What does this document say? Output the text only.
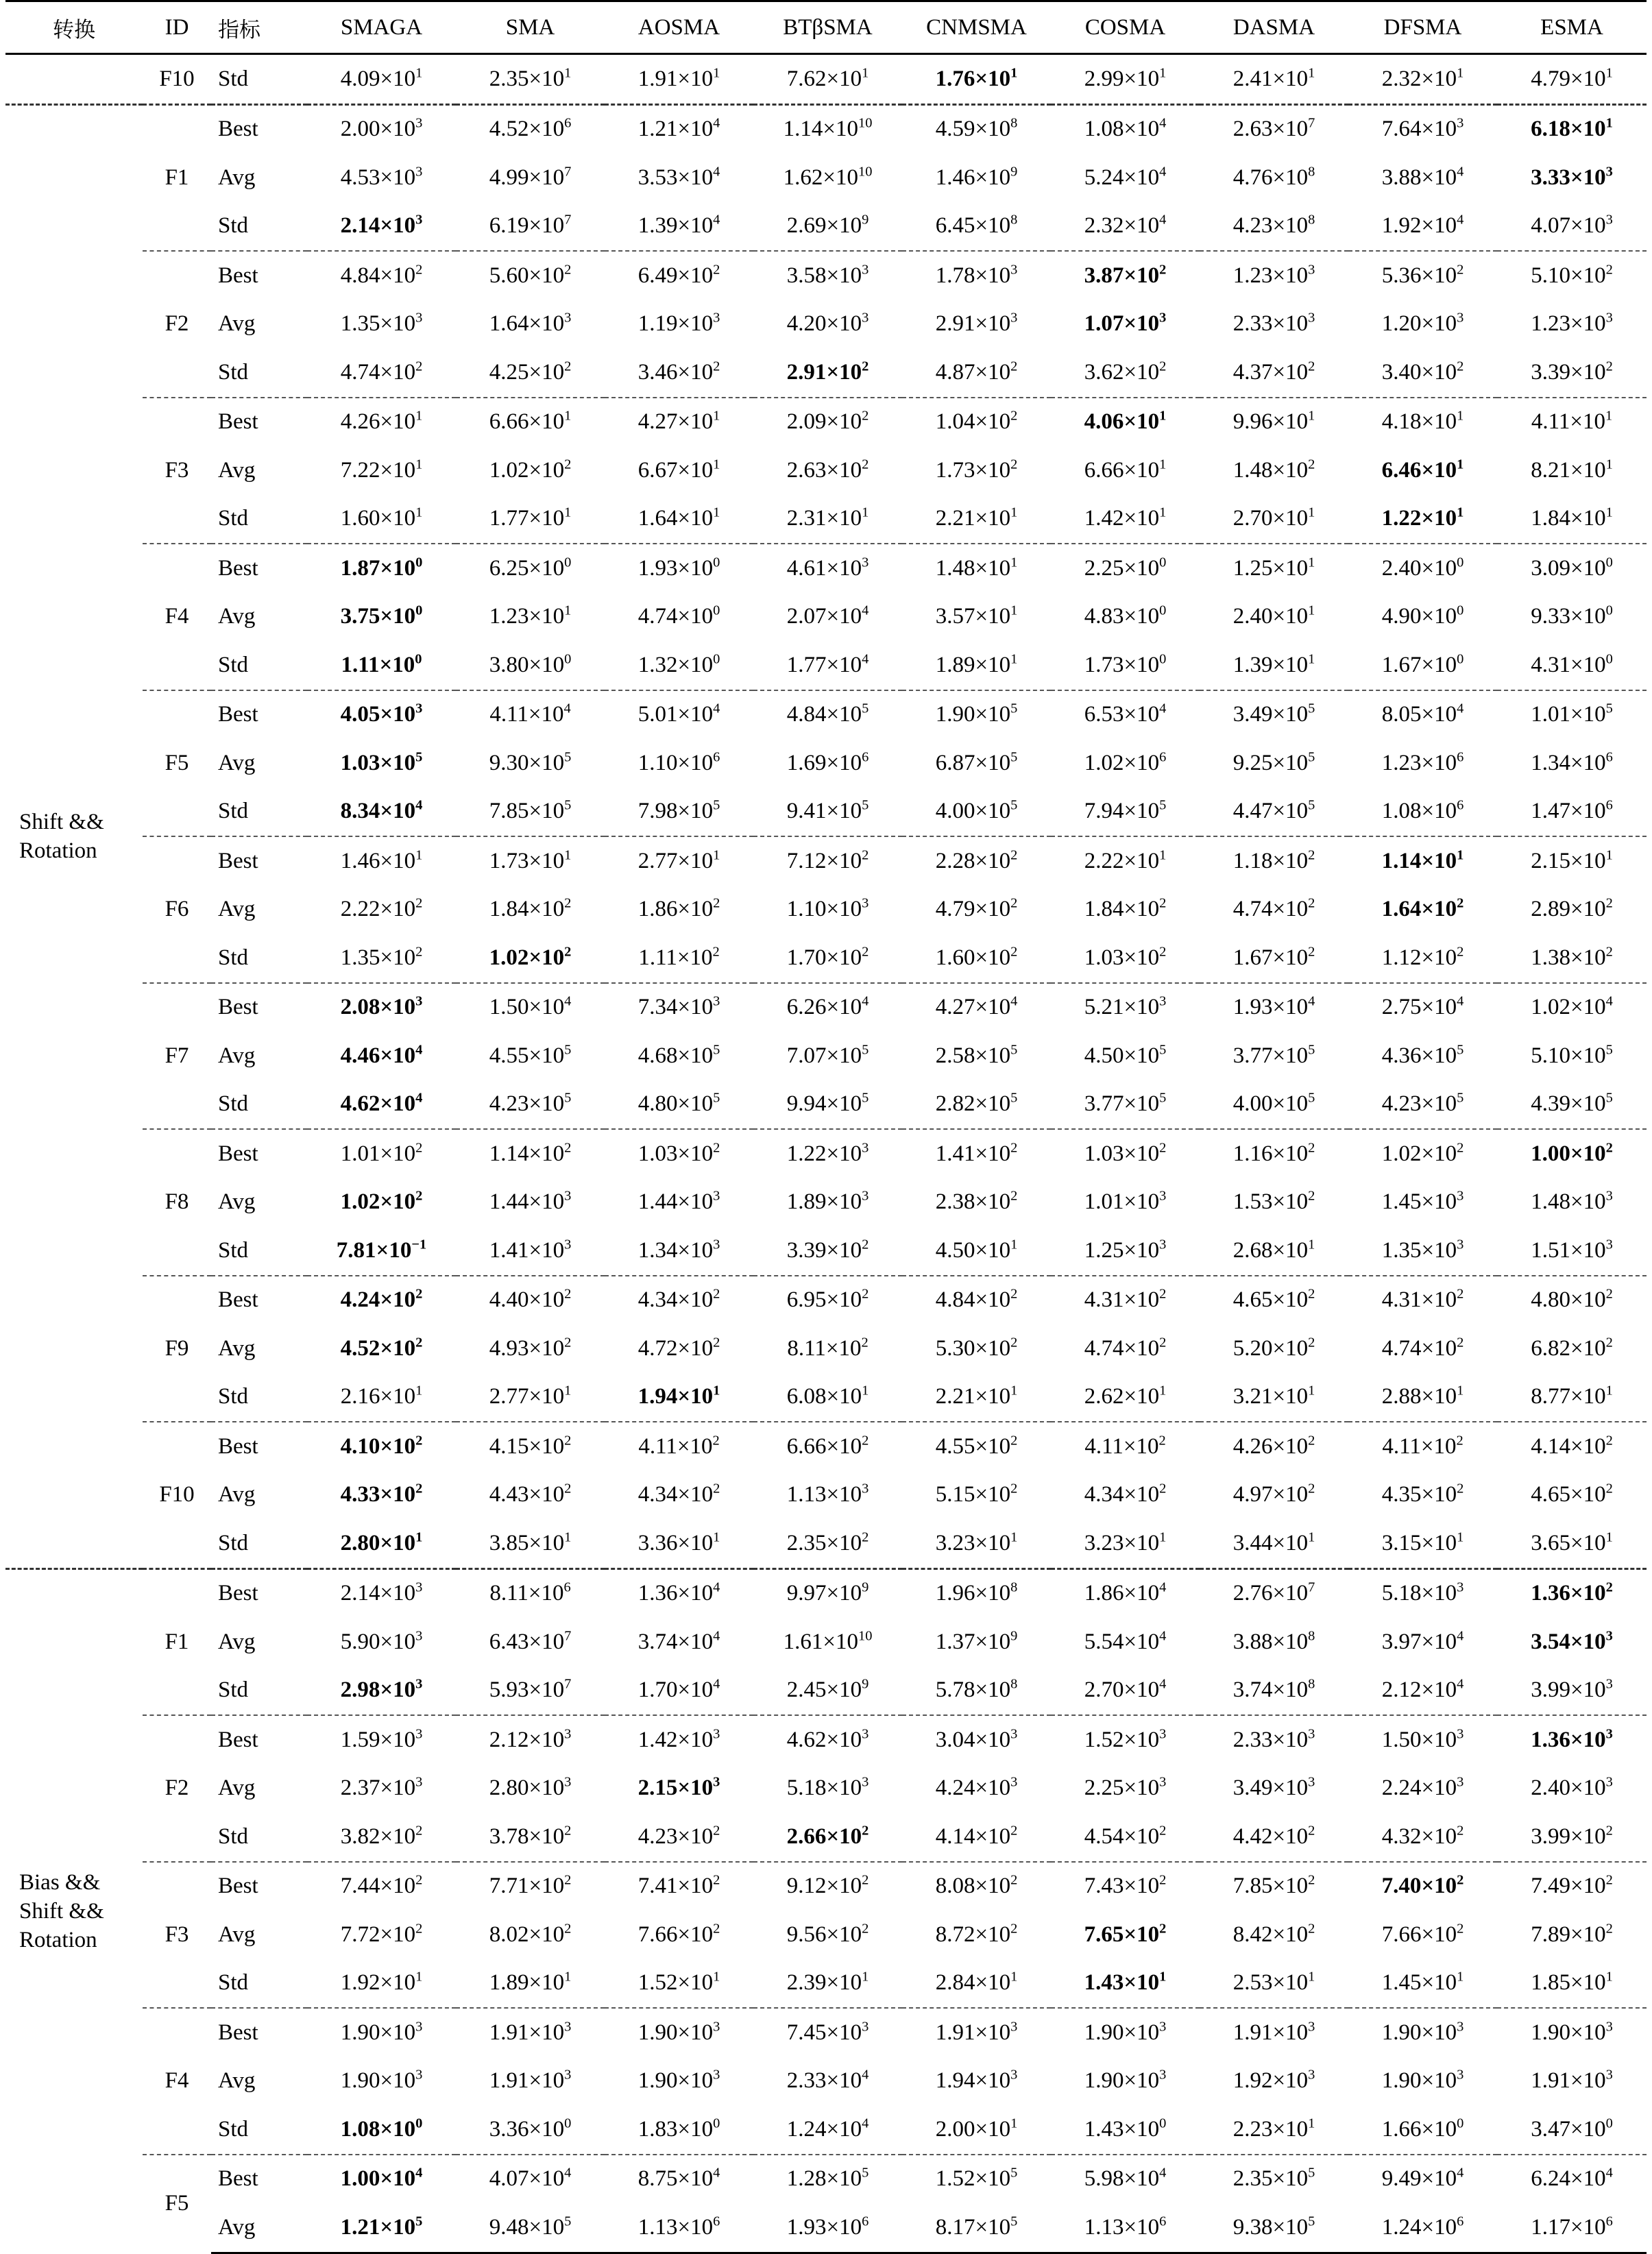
转换	ID	指标	SMAGA	SMA	AOSMA	BTβSMA	CNMSMA	COSMA	DASMA	DFSMA	ESMA
	F10	Std	$4.09\times 10^1$	$2.35\times 10^1$	$1.91\times 10^1$	$7.62\times 10^1$	$1.76\times 10^1$	$2.99\times 10^1$	$2.41\times 10^1$	$2.32\times 10^1$	$4.79\times 10^1$

Shift &&
Rotation	F1	Best	$2.00\times 10^3$	$4.52\times 10^6$	$1.21\times 10^4$	$1.14\times 10^{10}$	$4.59\times 10^8$	$1.08\times 10^4$	$2.63\times 10^7$	$7.64\times 10^3$	$6.18\times 10^1$
		Avg	$4.53\times 10^3$	$4.99\times 10^7$	$3.53\times 10^4$	$1.62\times 10^{10}$	$1.46\times 10^9$	$5.24\times 10^4$	$4.76\times 10^8$	$3.88\times 10^4$	$3.33\times 10^3$
		Std	$2.14\times 10^3$	$6.19\times 10^7$	$1.39\times 10^4$	$2.69\times 10^9$	$6.45\times 10^8$	$2.32\times 10^4$	$4.23\times 10^8$	$1.92\times 10^4$	$4.07\times 10^3$
	F2	Best	$4.84\times 10^2$	$5.60\times 10^2$	$6.49\times 10^2$	$3.58\times 10^3$	$1.78\times 10^3$	$3.87\times 10^2$	$1.23\times 10^3$	$5.36\times 10^2$	$5.10\times 10^2$
		Avg	$1.35\times 10^3$	$1.64\times 10^3$	$1.19\times 10^3$	$4.20\times 10^3$	$2.91\times 10^3$	$1.07\times 10^3$	$2.33\times 10^3$	$1.20\times 10^3$	$1.23\times 10^3$
		Std	$4.74\times 10^2$	$4.25\times 10^2$	$3.46\times 10^2$	$2.91\times 10^2$	$4.87\times 10^2$	$3.62\times 10^2$	$4.37\times 10^2$	$3.40\times 10^2$	$3.39\times 10^2$
	F3	Best	$4.26\times 10^1$	$6.66\times 10^1$	$4.27\times 10^1$	$2.09\times 10^2$	$1.04\times 10^2$	$4.06\times 10^1$	$9.96\times 10^1$	$4.18\times 10^1$	$4.11\times 10^1$
		Avg	$7.22\times 10^1$	$1.02\times 10^2$	$6.67\times 10^1$	$2.63\times 10^2$	$1.73\times 10^2$	$6.66\times 10^1$	$1.48\times 10^2$	$6.46\times 10^1$	$8.21\times 10^1$
		Std	$1.60\times 10^1$	$1.77\times 10^1$	$1.64\times 10^1$	$2.31\times 10^1$	$2.21\times 10^1$	$1.42\times 10^1$	$2.70\times 10^1$	$1.22\times 10^1$	$1.84\times 10^1$
	F4	Best	$1.87\times 10^0$	$6.25\times 10^0$	$1.93\times 10^0$	$4.61\times 10^3$	$1.48\times 10^1$	$2.25\times 10^0$	$1.25\times 10^1$	$2.40\times 10^0$	$3.09\times 10^0$
		Avg	$3.75\times 10^0$	$1.23\times 10^1$	$4.74\times 10^0$	$2.07\times 10^4$	$3.57\times 10^1$	$4.83\times 10^0$	$2.40\times 10^1$	$4.90\times 10^0$	$9.33\times 10^0$
		Std	$1.11\times 10^0$	$3.80\times 10^0$	$1.32\times 10^0$	$1.77\times 10^4$	$1.89\times 10^1$	$1.73\times 10^0$	$1.39\times 10^1$	$1.67\times 10^0$	$4.31\times 10^0$
	F5	Best	$4.05\times 10^3$	$4.11\times 10^4$	$5.01\times 10^4$	$4.84\times 10^5$	$1.90\times 10^5$	$6.53\times 10^4$	$3.49\times 10^5$	$8.05\times 10^4$	$1.01\times 10^5$
		Avg	$1.03\times 10^5$	$9.30\times 10^5$	$1.10\times 10^6$	$1.69\times 10^6$	$6.87\times 10^5$	$1.02\times 10^6$	$9.25\times 10^5$	$1.23\times 10^6$	$1.34\times 10^6$
		Std	$8.34\times 10^4$	$7.85\times 10^5$	$7.98\times 10^5$	$9.41\times 10^5$	$4.00\times 10^5$	$7.94\times 10^5$	$4.47\times 10^5$	$1.08\times 10^6$	$1.47\times 10^6$
	F6	Best	$1.46\times 10^1$	$1.73\times 10^1$	$2.77\times 10^1$	$7.12\times 10^2$	$2.28\times 10^2$	$2.22\times 10^1$	$1.18\times 10^2$	$1.14\times 10^1$	$2.15\times 10^1$
		Avg	$2.22\times 10^2$	$1.84\times 10^2$	$1.86\times 10^2$	$1.10\times 10^3$	$4.79\times 10^2$	$1.84\times 10^2$	$4.74\times 10^2$	$1.64\times 10^2$	$2.89\times 10^2$
		Std	$1.35\times 10^2$	$1.02\times 10^2$	$1.11\times 10^2$	$1.70\times 10^2$	$1.60\times 10^2$	$1.03\times 10^2$	$1.67\times 10^2$	$1.12\times 10^2$	$1.38\times 10^2$
	F7	Best	$2.08\times 10^3$	$1.50\times 10^4$	$7.34\times 10^3$	$6.26\times 10^4$	$4.27\times 10^4$	$5.21\times 10^3$	$1.93\times 10^4$	$2.75\times 10^4$	$1.02\times 10^4$
		Avg	$4.46\times 10^4$	$4.55\times 10^5$	$4.68\times 10^5$	$7.07\times 10^5$	$2.58\times 10^5$	$4.50\times 10^5$	$3.77\times 10^5$	$4.36\times 10^5$	$5.10\times 10^5$
		Std	$4.62\times 10^4$	$4.23\times 10^5$	$4.80\times 10^5$	$9.94\times 10^5$	$2.82\times 10^5$	$3.77\times 10^5$	$4.00\times 10^5$	$4.23\times 10^5$	$4.39\times 10^5$
	F8	Best	$1.01\times 10^2$	$1.14\times 10^2$	$1.03\times 10^2$	$1.22\times 10^3$	$1.41\times 10^2$	$1.03\times 10^2$	$1.16\times 10^2$	$1.02\times 10^2$	$1.00\times 10^2$
		Avg	$1.02\times 10^2$	$1.44\times 10^3$	$1.44\times 10^3$	$1.89\times 10^3$	$2.38\times 10^2$	$1.01\times 10^3$	$1.53\times 10^2$	$1.45\times 10^3$	$1.48\times 10^3$
		Std	$7.81\times 10^{-1}$	$1.41\times 10^3$	$1.34\times 10^3$	$3.39\times 10^2$	$4.50\times 10^1$	$1.25\times 10^3$	$2.68\times 10^1$	$1.35\times 10^3$	$1.51\times 10^3$
	F9	Best	$4.24\times 10^2$	$4.40\times 10^2$	$4.34\times 10^2$	$6.95\times 10^2$	$4.84\times 10^2$	$4.31\times 10^2$	$4.65\times 10^2$	$4.31\times 10^2$	$4.80\times 10^2$
		Avg	$4.52\times 10^2$	$4.93\times 10^2$	$4.72\times 10^2$	$8.11\times 10^2$	$5.30\times 10^2$	$4.74\times 10^2$	$5.20\times 10^2$	$4.74\times 10^2$	$6.82\times 10^2$
		Std	$2.16\times 10^1$	$2.77\times 10^1$	$1.94\times 10^1$	$6.08\times 10^1$	$2.21\times 10^1$	$2.62\times 10^1$	$3.21\times 10^1$	$2.88\times 10^1$	$8.77\times 10^1$
	F10	Best	$4.10\times 10^2$	$4.15\times 10^2$	$4.11\times 10^2$	$6.66\times 10^2$	$4.55\times 10^2$	$4.11\times 10^2$	$4.26\times 10^2$	$4.11\times 10^2$	$4.14\times 10^2$
		Avg	$4.33\times 10^2$	$4.43\times 10^2$	$4.34\times 10^2$	$1.13\times 10^3$	$5.15\times 10^2$	$4.34\times 10^2$	$4.97\times 10^2$	$4.35\times 10^2$	$4.65\times 10^2$
		Std	$2.80\times 10^1$	$3.85\times 10^1$	$3.36\times 10^1$	$2.35\times 10^2$	$3.23\times 10^1$	$3.23\times 10^1$	$3.44\times 10^1$	$3.15\times 10^1$	$3.65\times 10^1$

Bias &&
Shift &&
Rotation	F1	Best	$2.14\times 10^3$	$8.11\times 10^6$	$1.36\times 10^4$	$9.97\times 10^9$	$1.96\times 10^8$	$1.86\times 10^4$	$2.76\times 10^7$	$5.18\times 10^3$	$1.36\times 10^2$
		Avg	$5.90\times 10^3$	$6.43\times 10^7$	$3.74\times 10^4$	$1.61\times 10^{10}$	$1.37\times 10^9$	$5.54\times 10^4$	$3.88\times 10^8$	$3.97\times 10^4$	$3.54\times 10^3$
		Std	$2.98\times 10^3$	$5.93\times 10^7$	$1.70\times 10^4$	$2.45\times 10^9$	$5.78\times 10^8$	$2.70\times 10^4$	$3.74\times 10^8$	$2.12\times 10^4$	$3.99\times 10^3$
	F2	Best	$1.59\times 10^3$	$2.12\times 10^3$	$1.42\times 10^3$	$4.62\times 10^3$	$3.04\times 10^3$	$1.52\times 10^3$	$2.33\times 10^3$	$1.50\times 10^3$	$1.36\times 10^3$
		Avg	$2.37\times 10^3$	$2.80\times 10^3$	$2.15\times 10^3$	$5.18\times 10^3$	$4.24\times 10^3$	$2.25\times 10^3$	$3.49\times 10^3$	$2.24\times 10^3$	$2.40\times 10^3$
		Std	$3.82\times 10^2$	$3.78\times 10^2$	$4.23\times 10^2$	$2.66\times 10^2$	$4.14\times 10^2$	$4.54\times 10^2$	$4.42\times 10^2$	$4.32\times 10^2$	$3.99\times 10^2$
	F3	Best	$7.44\times 10^2$	$7.71\times 10^2$	$7.41\times 10^2$	$9.12\times 10^2$	$8.08\times 10^2$	$7.43\times 10^2$	$7.85\times 10^2$	$7.40\times 10^2$	$7.49\times 10^2$
		Avg	$7.72\times 10^2$	$8.02\times 10^2$	$7.66\times 10^2$	$9.56\times 10^2$	$8.72\times 10^2$	$7.65\times 10^2$	$8.42\times 10^2$	$7.66\times 10^2$	$7.89\times 10^2$
		Std	$1.92\times 10^1$	$1.89\times 10^1$	$1.52\times 10^1$	$2.39\times 10^1$	$2.84\times 10^1$	$1.43\times 10^1$	$2.53\times 10^1$	$1.45\times 10^1$	$1.85\times 10^1$
	F4	Best	$1.90\times 10^3$	$1.91\times 10^3$	$1.90\times 10^3$	$7.45\times 10^3$	$1.91\times 10^3$	$1.90\times 10^3$	$1.91\times 10^3$	$1.90\times 10^3$	$1.90\times 10^3$
		Avg	$1.90\times 10^3$	$1.91\times 10^3$	$1.90\times 10^3$	$2.33\times 10^4$	$1.94\times 10^3$	$1.90\times 10^3$	$1.92\times 10^3$	$1.90\times 10^3$	$1.91\times 10^3$
		Std	$1.08\times 10^0$	$3.36\times 10^0$	$1.83\times 10^0$	$1.24\times 10^4$	$2.00\times 10^1$	$1.43\times 10^0$	$2.23\times 10^1$	$1.66\times 10^0$	$3.47\times 10^0$
	F5	Best	$1.00\times 10^4$	$4.07\times 10^4$	$8.75\times 10^4$	$1.28\times 10^5$	$1.52\times 10^5$	$5.98\times 10^4$	$2.35\times 10^5$	$9.49\times 10^4$	$6.24\times 10^4$
		Avg	$1.21\times 10^5$	$9.48\times 10^5$	$1.13\times 10^6$	$1.93\times 10^6$	$8.17\times 10^5$	$1.13\times 10^6$	$9.38\times 10^5$	$1.24\times 10^6$	$1.17\times 10^6$
